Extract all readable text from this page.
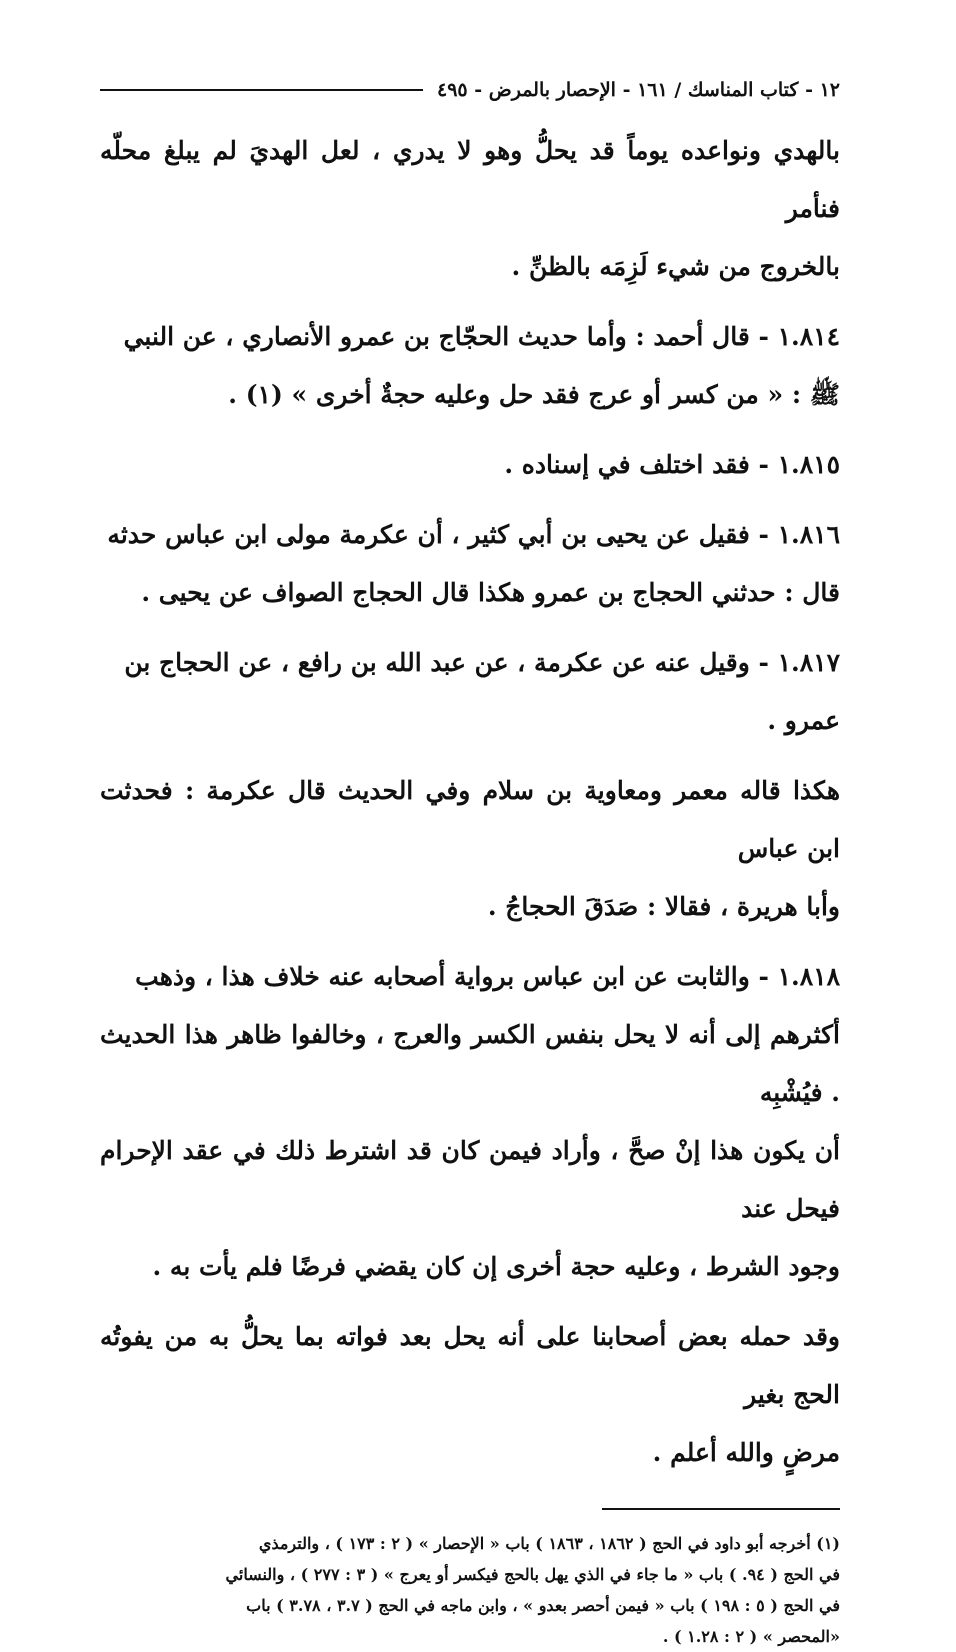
١٢ - كتاب المناسك / ١٦١ - الإحصار بالمرض - ٤٩٥

بالهدي ونواعده يوماً قد يحلُّ وهو لا يدري ، لعل الهديَ لم يبلغ محلّه فنأمر
بالخروج من شيء لَزِمَه بالظنِّ .

١.٨١٤ - قال أحمد : وأما حديث الحجّاج بن عمرو الأنصاري ، عن النبي
ﷺ : « من كسر أو عرج فقد حل وعليه حجةٌ أخرى » (١) .

١.٨١٥ - فقد اختلف في إسناده .

١.٨١٦ - فقيل عن يحيى بن أبي كثير ، أن عكرمة مولى ابن عباس حدثه
قال : حدثني الحجاج بن عمرو هكذا قال الحجاج الصواف عن يحيى .

١.٨١٧ - وقيل عنه عن عكرمة ، عن عبد الله بن رافع ، عن الحجاج بن
عمرو .

هكذا قاله معمر ومعاوية بن سلام وفي الحديث قال عكرمة : فحدثت ابن عباس
وأبا هريرة ، فقالا : صَدَقَ الحجاجُ .

١.٨١٨ - والثابت عن ابن عباس برواية أصحابه عنه خلاف هذا ، وذهب
أكثرهم إلى أنه لا يحل بنفس الكسر والعرج ، وخالفوا ظاهر هذا الحديث . فيُشْبِه
أن يكون هذا إنْ صحَّ ، وأراد فيمن كان قد اشترط ذلك في عقد الإحرام فيحل عند
وجود الشرط ، وعليه حجة أخرى إن كان يقضي فرضًا فلم يأت به .

وقد حمله بعض أصحابنا على أنه يحل بعد فواته بما يحلُّ به من يفوتُه الحج بغير
مرضٍ والله أعلم .

(١) أخرجه أبو داود في الحج ( ١٨٦٢ ، ١٨٦٣ ) باب « الإحصار » ( ٢ : ١٧٣ ) ، والترمذي

في الحج ( ٩٤. ) باب « ما جاء في الذي يهل بالحج فيكسر أو يعرج » ( ٣ : ٢٧٧ ) ، والنسائي

في الحج ( ٥ : ١٩٨ ) باب « فيمن أحصر بعدو » ، وابن ماجه في الحج ( ٣.٧ ، ٣.٧٨ ) باب

«المحصر » ( ٢ : ١.٢٨ ) .
